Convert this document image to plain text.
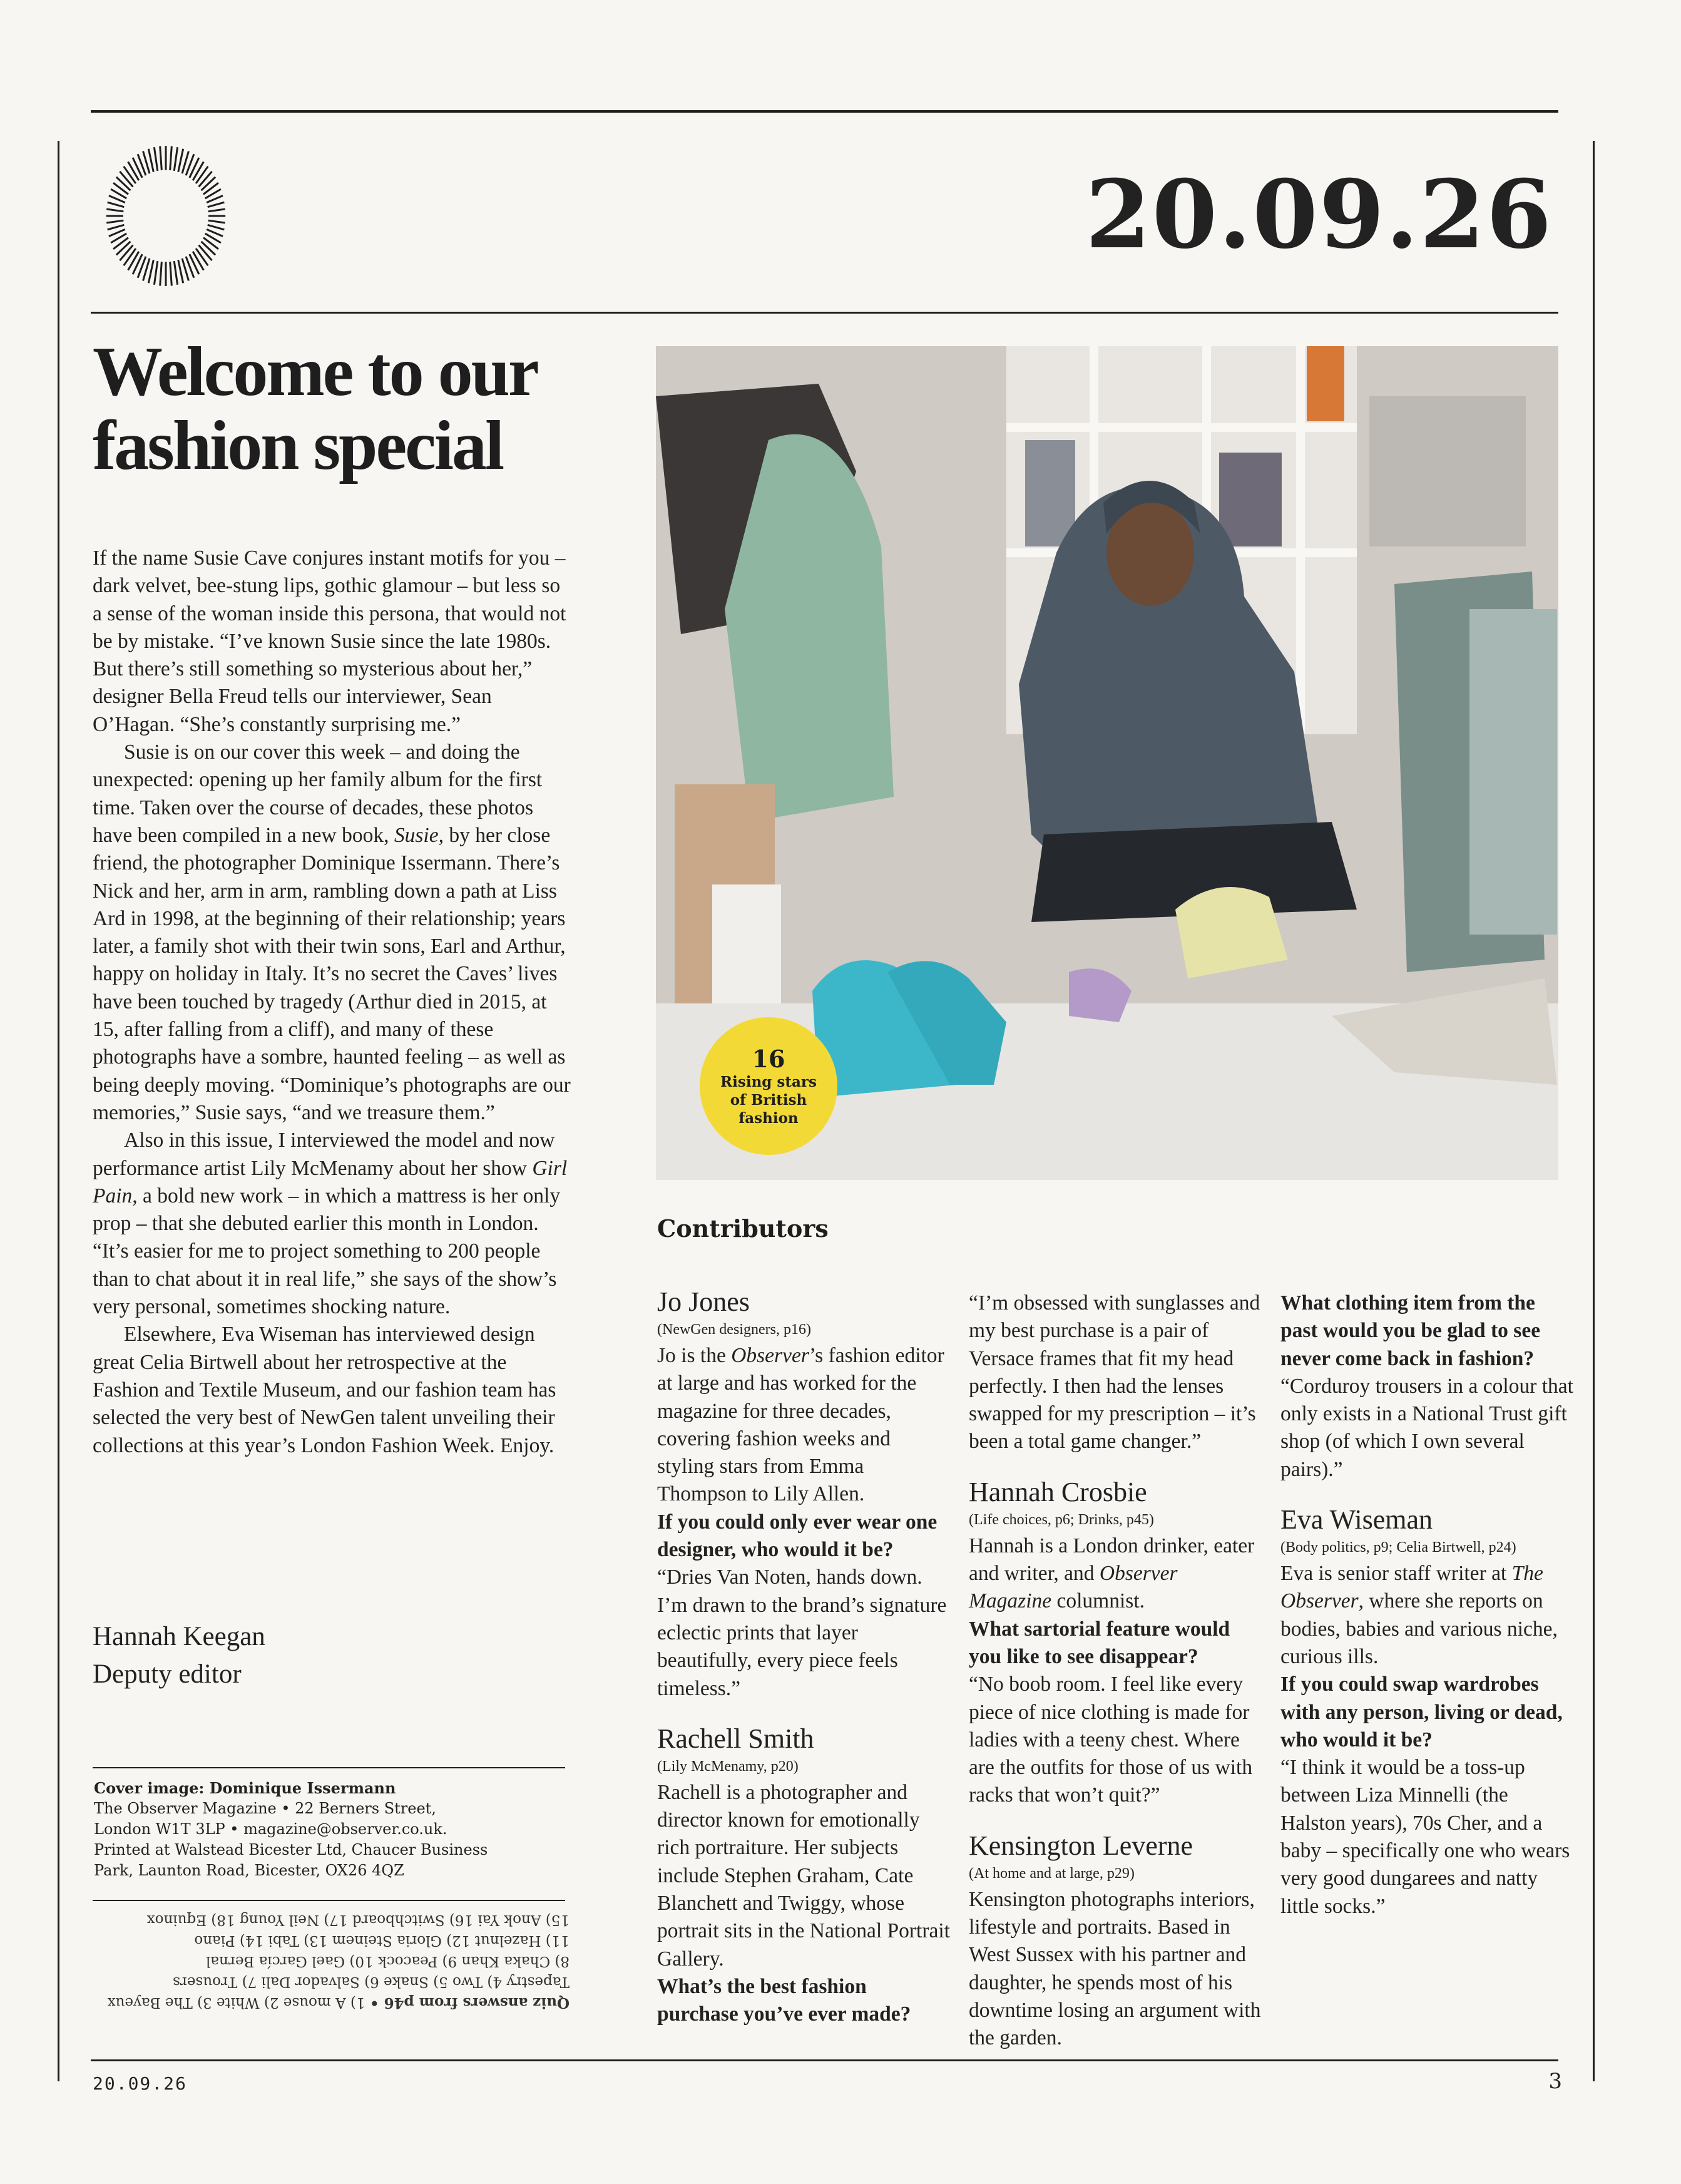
20.09.26
Welcome to our
fashion special

If the name Susie Cave conjures instant motifs for you – dark velvet, bee-stung lips, gothic glamour – but less so a sense of the woman inside this persona, that would not be by mistake. “I’ve known Susie since the late 1980s. But there’s still something so mysterious about her,” designer Bella Freud tells our interviewer, Sean O’Hagan. “She’s constantly surprising me.”

Susie is on our cover this week – and doing the unexpected: opening up her family album for the first time. Taken over the course of decades, these photos have been compiled in a new book, Susie, by her close friend, the photographer Dominique Issermann. There’s Nick and her, arm in arm, rambling down a path at Liss Ard in 1998, at the beginning of their relationship; years later, a family shot with their twin sons, Earl and Arthur, happy on holiday in Italy. It’s no secret the Caves’ lives have been touched by tragedy (Arthur died in 2015, at 15, after falling from a cliff), and many of these photographs have a sombre, haunted feeling – as well as being deeply moving. “Dominique’s photographs are our memories,” Susie says, “and we treasure them.”

Also in this issue, I interviewed the model and now performance artist Lily McMenamy about her show Girl Pain, a bold new work – in which a mattress is her only prop – that she debuted earlier this month in London. “It’s easier for me to project something to 200 people than to chat about it in real life,” she says of the show’s very personal, sometimes shocking nature.

Elsewhere, Eva Wiseman has interviewed design great Celia Birtwell about her retrospective at the Fashion and Textile Museum, and our fashion team has selected the very best of NewGen talent unveiling their collections at this year’s London Fashion Week. Enjoy.

Hannah Keegan
Deputy editor
Cover image: Dominique Issermann
The Observer Magazine • 22 Berners Street,
London W1T 3LP • magazine@observer.co.uk.
Printed at Walstead Bicester Ltd, Chaucer Business
Park, Launton Road, Bicester, OX26 4QZ
Quiz answers from p46 • 1) A mouse 2) White 3) The Bayeux
Tapestry 4) Two 5) Snake 6) Salvador Dali 7) Trousers
8) Chaka Khan 9) Peacock 10) Gael García Bernal
11) Hazelnut 12) Gloria Steinem 13) Tabi 14) Piano
15) Anok Yai 16) Switchboard 17) Neil Young 18) Equinox
16
Rising stars of British fashion
Contributors
Jo Jones
(NewGen designers, p16)
Jo is the Observer’s fashion editor at large and has worked for the magazine for three decades, covering fashion weeks and styling stars from Emma Thompson to Lily Allen.
If you could only ever wear one designer, who would it be?
“Dries Van Noten, hands down. I’m drawn to the brand’s signature eclectic prints that layer beautifully, every piece feels timeless.”
Rachell Smith
(Lily McMenamy, p20)
Rachell is a photographer and director known for emotionally rich portraiture. Her subjects include Stephen Graham, Cate Blanchett and Twiggy, whose portrait sits in the National Portrait Gallery.
What’s the best fashion purchase you’ve ever made?
“I’m obsessed with sunglasses and my best purchase is a pair of Versace frames that fit my head perfectly. I then had the lenses swapped for my prescription – it’s been a total game changer.”
Hannah Crosbie
(Life choices, p6; Drinks, p45)
Hannah is a London drinker, eater and writer, and Observer Magazine columnist.
What sartorial feature would you like to see disappear?
“No boob room. I feel like every piece of nice clothing is made for ladies with a teeny chest. Where are the outfits for those of us with racks that won’t quit?”
Kensington Leverne
(At home and at large, p29)
Kensington photographs interiors, lifestyle and portraits. Based in West Sussex with his partner and daughter, he spends most of his downtime losing an argument with the garden.
What clothing item from the past would you be glad to see never come back in fashion?
“Corduroy trousers in a colour that only exists in a National Trust gift shop (of which I own several pairs).”
Eva Wiseman
(Body politics, p9; Celia Birtwell, p24)
Eva is senior staff writer at The Observer, where she reports on bodies, babies and various niche, curious ills.
If you could swap wardrobes with any person, living or dead, who would it be?
“I think it would be a toss-up between Liza Minnelli (the Halston years), 70s Cher, and a baby – specifically one who wears very good dungarees and natty little socks.”
20.09.26	3
